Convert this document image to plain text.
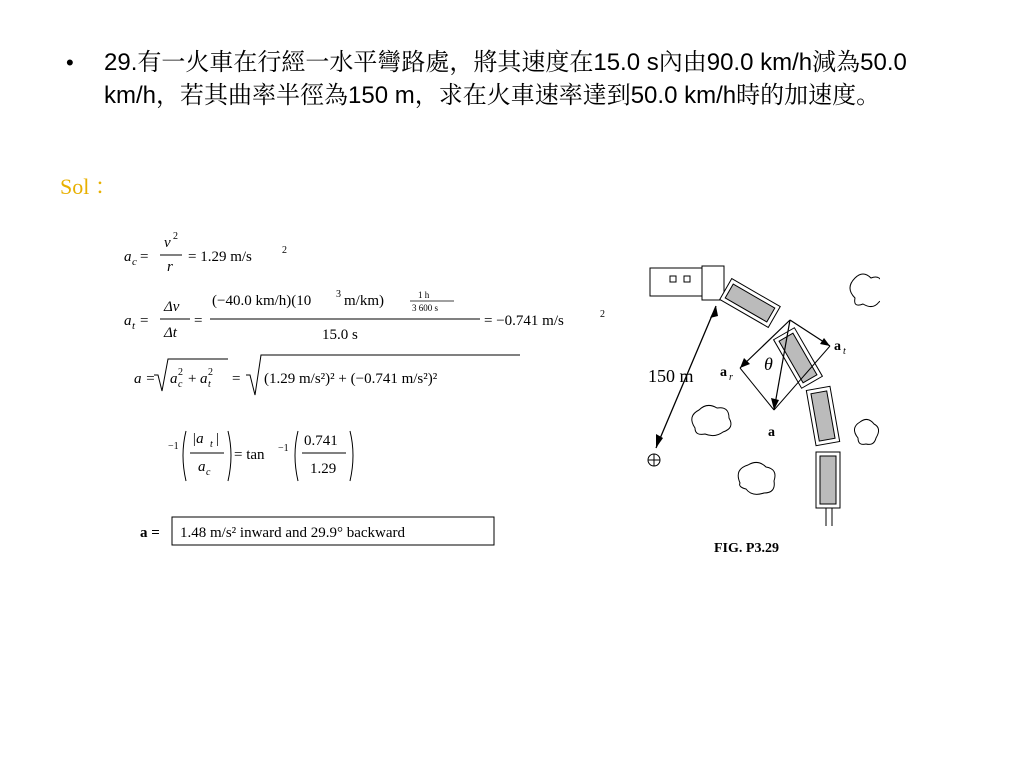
• 29.有一火車在行經一水平彎路處，將其速度在15.0 s內由90.0 km/h減為50.0 km/h，若其曲率半徑為150 m，求在火車速率達到50.0 km/h時的加速度。
Sol ：
a c =
v 2
r
= 1.29 m/s	2
a t =
Δv
Δt
=
(−40.0 km/h)(10 3 m/km)	1 h
3 600 s
15.0 s
= −0.741 m/s	2
a = a c
2 + a t
2 = (1.29 m/s²)² + (−0.741 m/s²)²
−1 |a t |
a c
= tan −1 0.741
1.29
a = 1.48 m/s² inward and 29.9° backward
150 m
θ
a r
a t
a
FIG. P3.29
